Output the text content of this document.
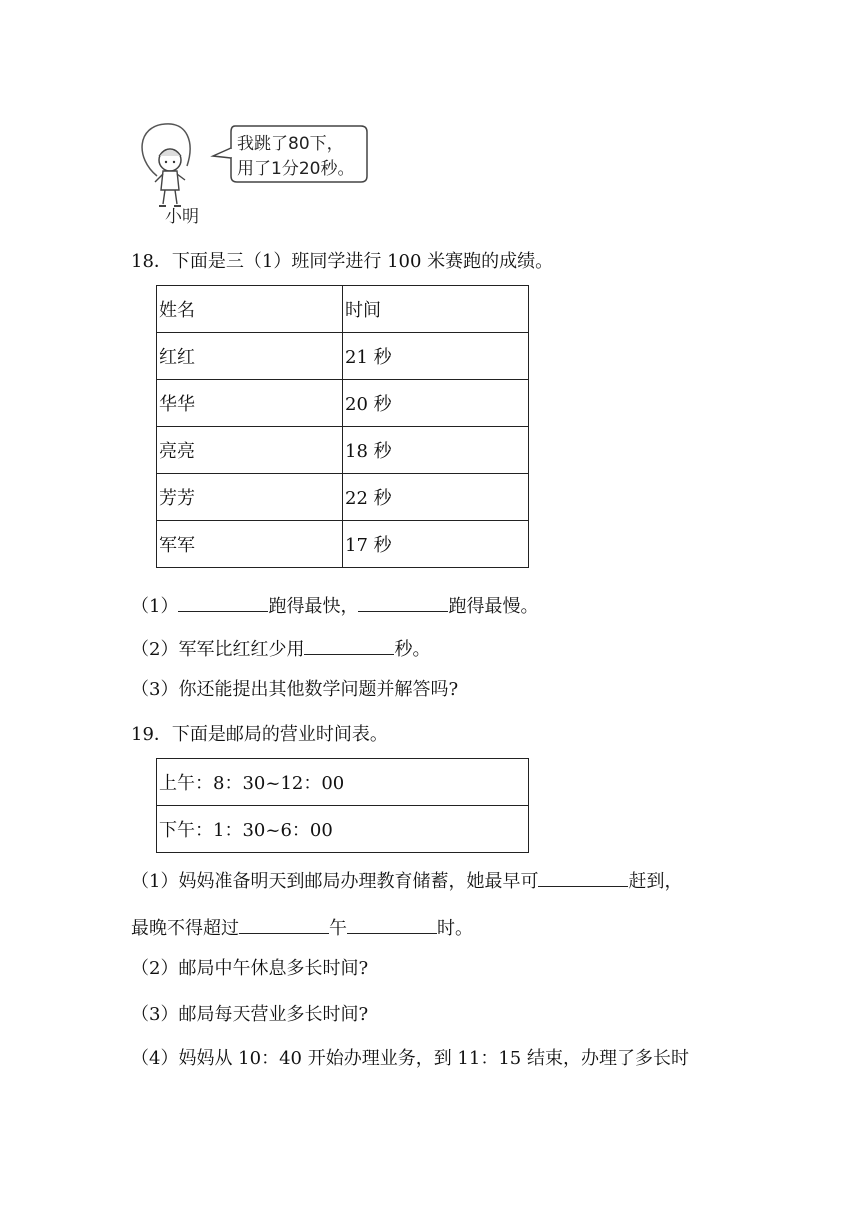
我跳了80下，
用了1分20秒。
小明
18．下面是三（1）班同学进行 100 米赛跑的成绩。
姓名	时间
红红	21 秒
华华	20 秒
亮亮	18 秒
芳芳	22 秒
军军	17 秒
（1）	跑得最快，	跑得最慢。
（2）军军比红红少用	秒。
（3）你还能提出其他数学问题并解答吗?
19．下面是邮局的营业时间表。
上午：8：30~12：00
下午：1：30~6：00
（1）妈妈准备明天到邮局办理教育储蓄，她最早可	赶到，
最晚不得超过	午	时。
（2）邮局中午休息多长时间?
（3）邮局每天营业多长时间?
（4）妈妈从 10：40 开始办理业务，到 11：15 结束，办理了多长时
